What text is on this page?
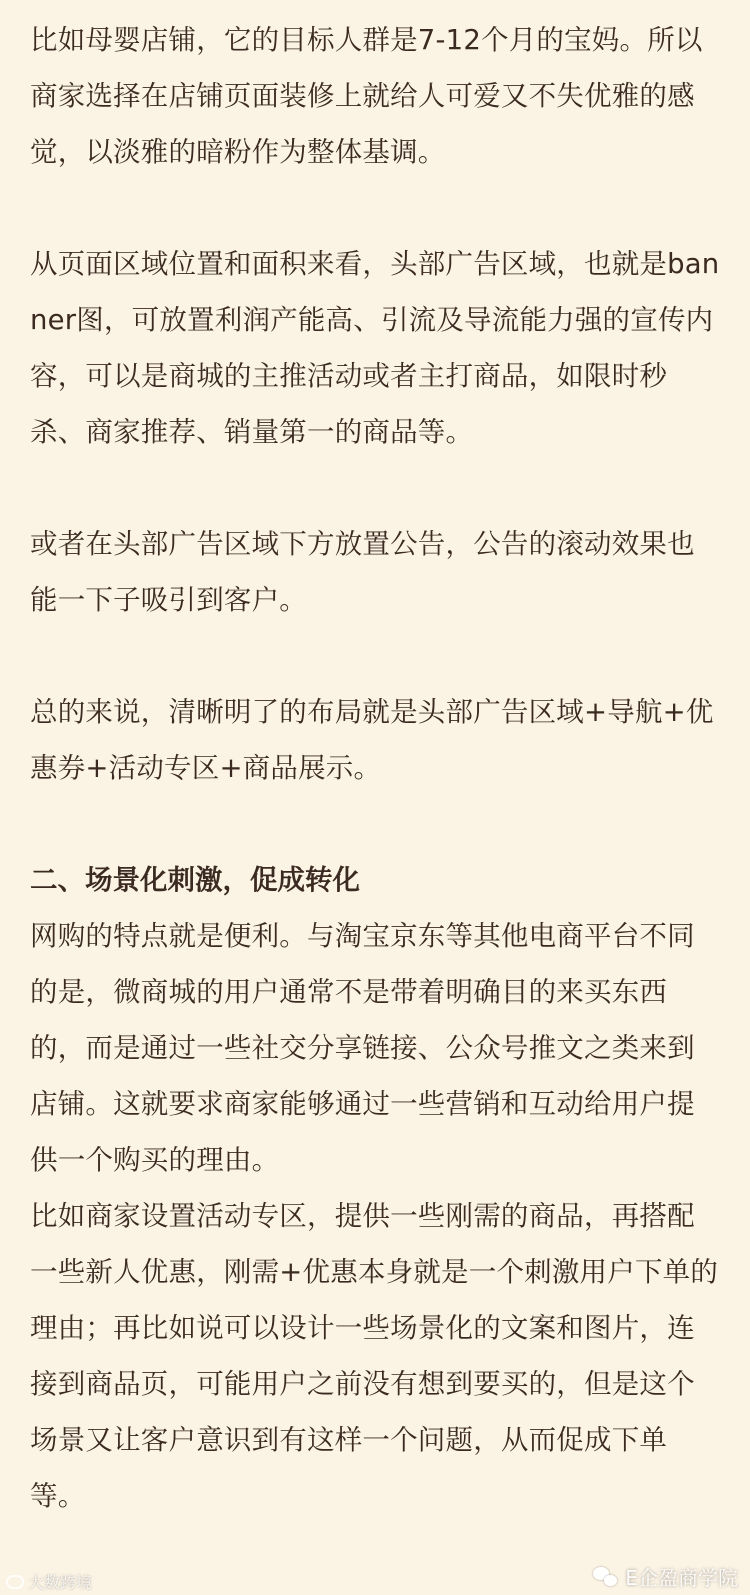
比如母婴店铺，它的目标人群是7-12个月的宝妈。所以商家选择在店铺页面装修上就给人可爱又不失优雅的感觉，以淡雅的暗粉作为整体基调。

从页面区域位置和面积来看，头部广告区域，也就是banner图，可放置利润产能高、引流及导流能力强的宣传内容，可以是商城的主推活动或者主打商品，如限时秒杀、商家推荐、销量第一的商品等。

或者在头部广告区域下方放置公告，公告的滚动效果也能一下子吸引到客户。

总的来说，清晰明了的布局就是头部广告区域+导航+优惠券+活动专区+商品展示。

二、场景化刺激，促成转化

网购的特点就是便利。与淘宝京东等其他电商平台不同的是，微商城的用户通常不是带着明确目的来买东西的，而是通过一些社交分享链接、公众号推文之类来到店铺。这就要求商家能够通过一些营销和互动给用户提供一个购买的理由。

比如商家设置活动专区，提供一些刚需的商品，再搭配一些新人优惠，刚需+优惠本身就是一个刺激用户下单的理由；再比如说可以设计一些场景化的文案和图片，连接到商品页，可能用户之前没有想到要买的，但是这个场景又让客户意识到有这样一个问题，从而促成下单等。

大数跨境	E企盈商学院
